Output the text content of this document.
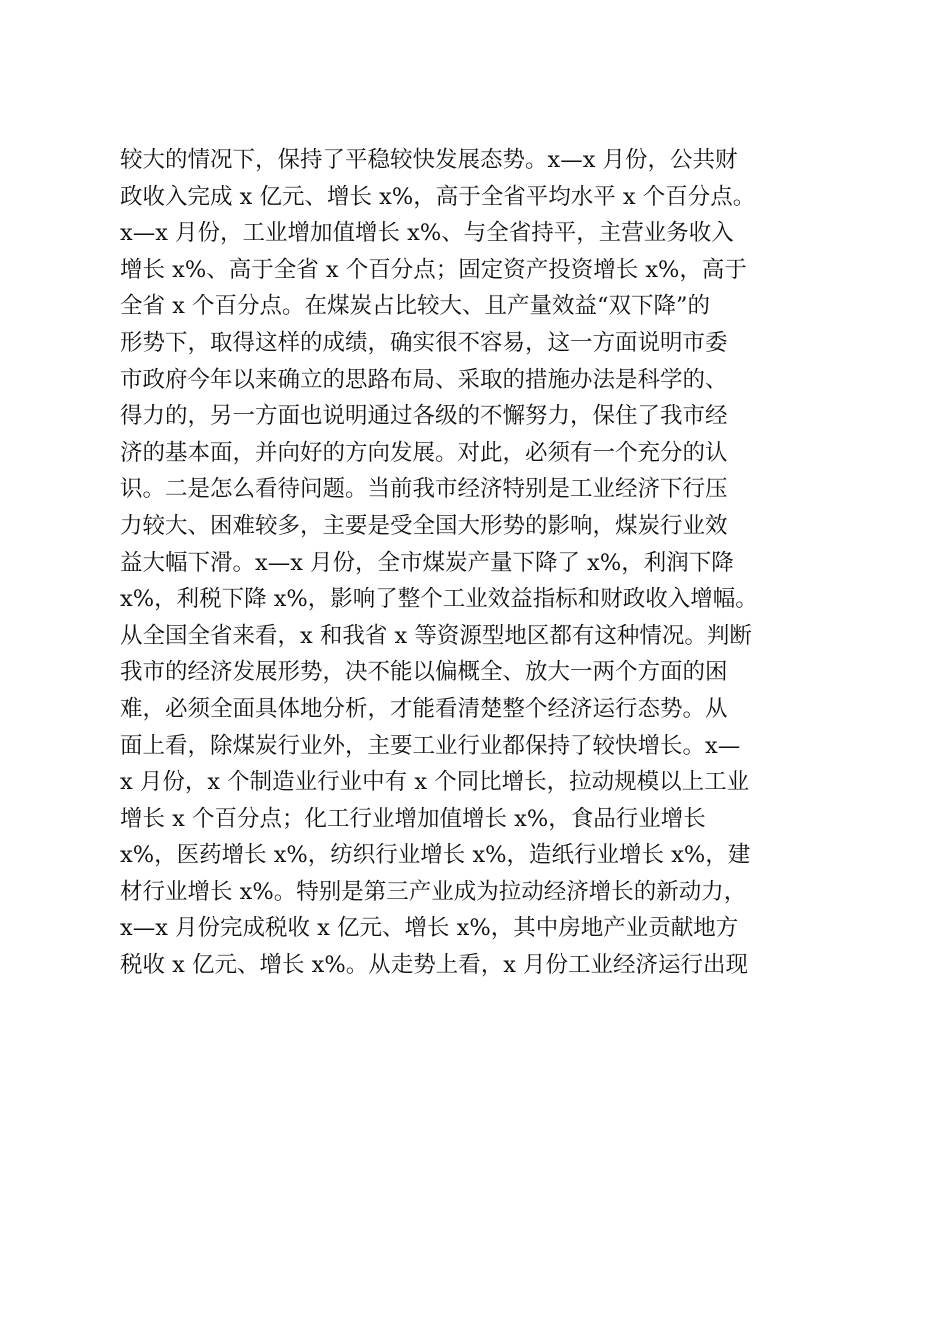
较大的情况下，保持了平稳较快发展态势。x—x 月份，公共财
政收入完成 x 亿元、增长 x%，高于全省平均水平 x 个百分点。
x—x 月份，工业增加值增长 x%、与全省持平，主营业务收入
增长 x%、高于全省 x 个百分点；固定资产投资增长 x%，高于
全省 x 个百分点。在煤炭占比较大、且产量效益“双下降”的
形势下，取得这样的成绩，确实很不容易，这一方面说明市委
市政府今年以来确立的思路布局、采取的措施办法是科学的、
得力的，另一方面也说明通过各级的不懈努力，保住了我市经
济的基本面，并向好的方向发展。对此，必须有一个充分的认
识。二是怎么看待问题。当前我市经济特别是工业经济下行压
力较大、困难较多，主要是受全国大形势的影响，煤炭行业效
益大幅下滑。x—x 月份，全市煤炭产量下降了 x%，利润下降
x%，利税下降 x%，影响了整个工业效益指标和财政收入增幅。
从全国全省来看，x 和我省 x 等资源型地区都有这种情况。判断
我市的经济发展形势，决不能以偏概全、放大一两个方面的困
难，必须全面具体地分析，才能看清楚整个经济运行态势。从
面上看，除煤炭行业外，主要工业行业都保持了较快增长。x—
x 月份，x 个制造业行业中有 x 个同比增长，拉动规模以上工业
增长 x 个百分点；化工行业增加值增长 x%，食品行业增长
x%，医药增长 x%，纺织行业增长 x%，造纸行业增长 x%，建
材行业增长 x%。特别是第三产业成为拉动经济增长的新动力，
x—x 月份完成税收 x 亿元、增长 x%，其中房地产业贡献地方
税收 x 亿元、增长 x%。从走势上看，x 月份工业经济运行出现
